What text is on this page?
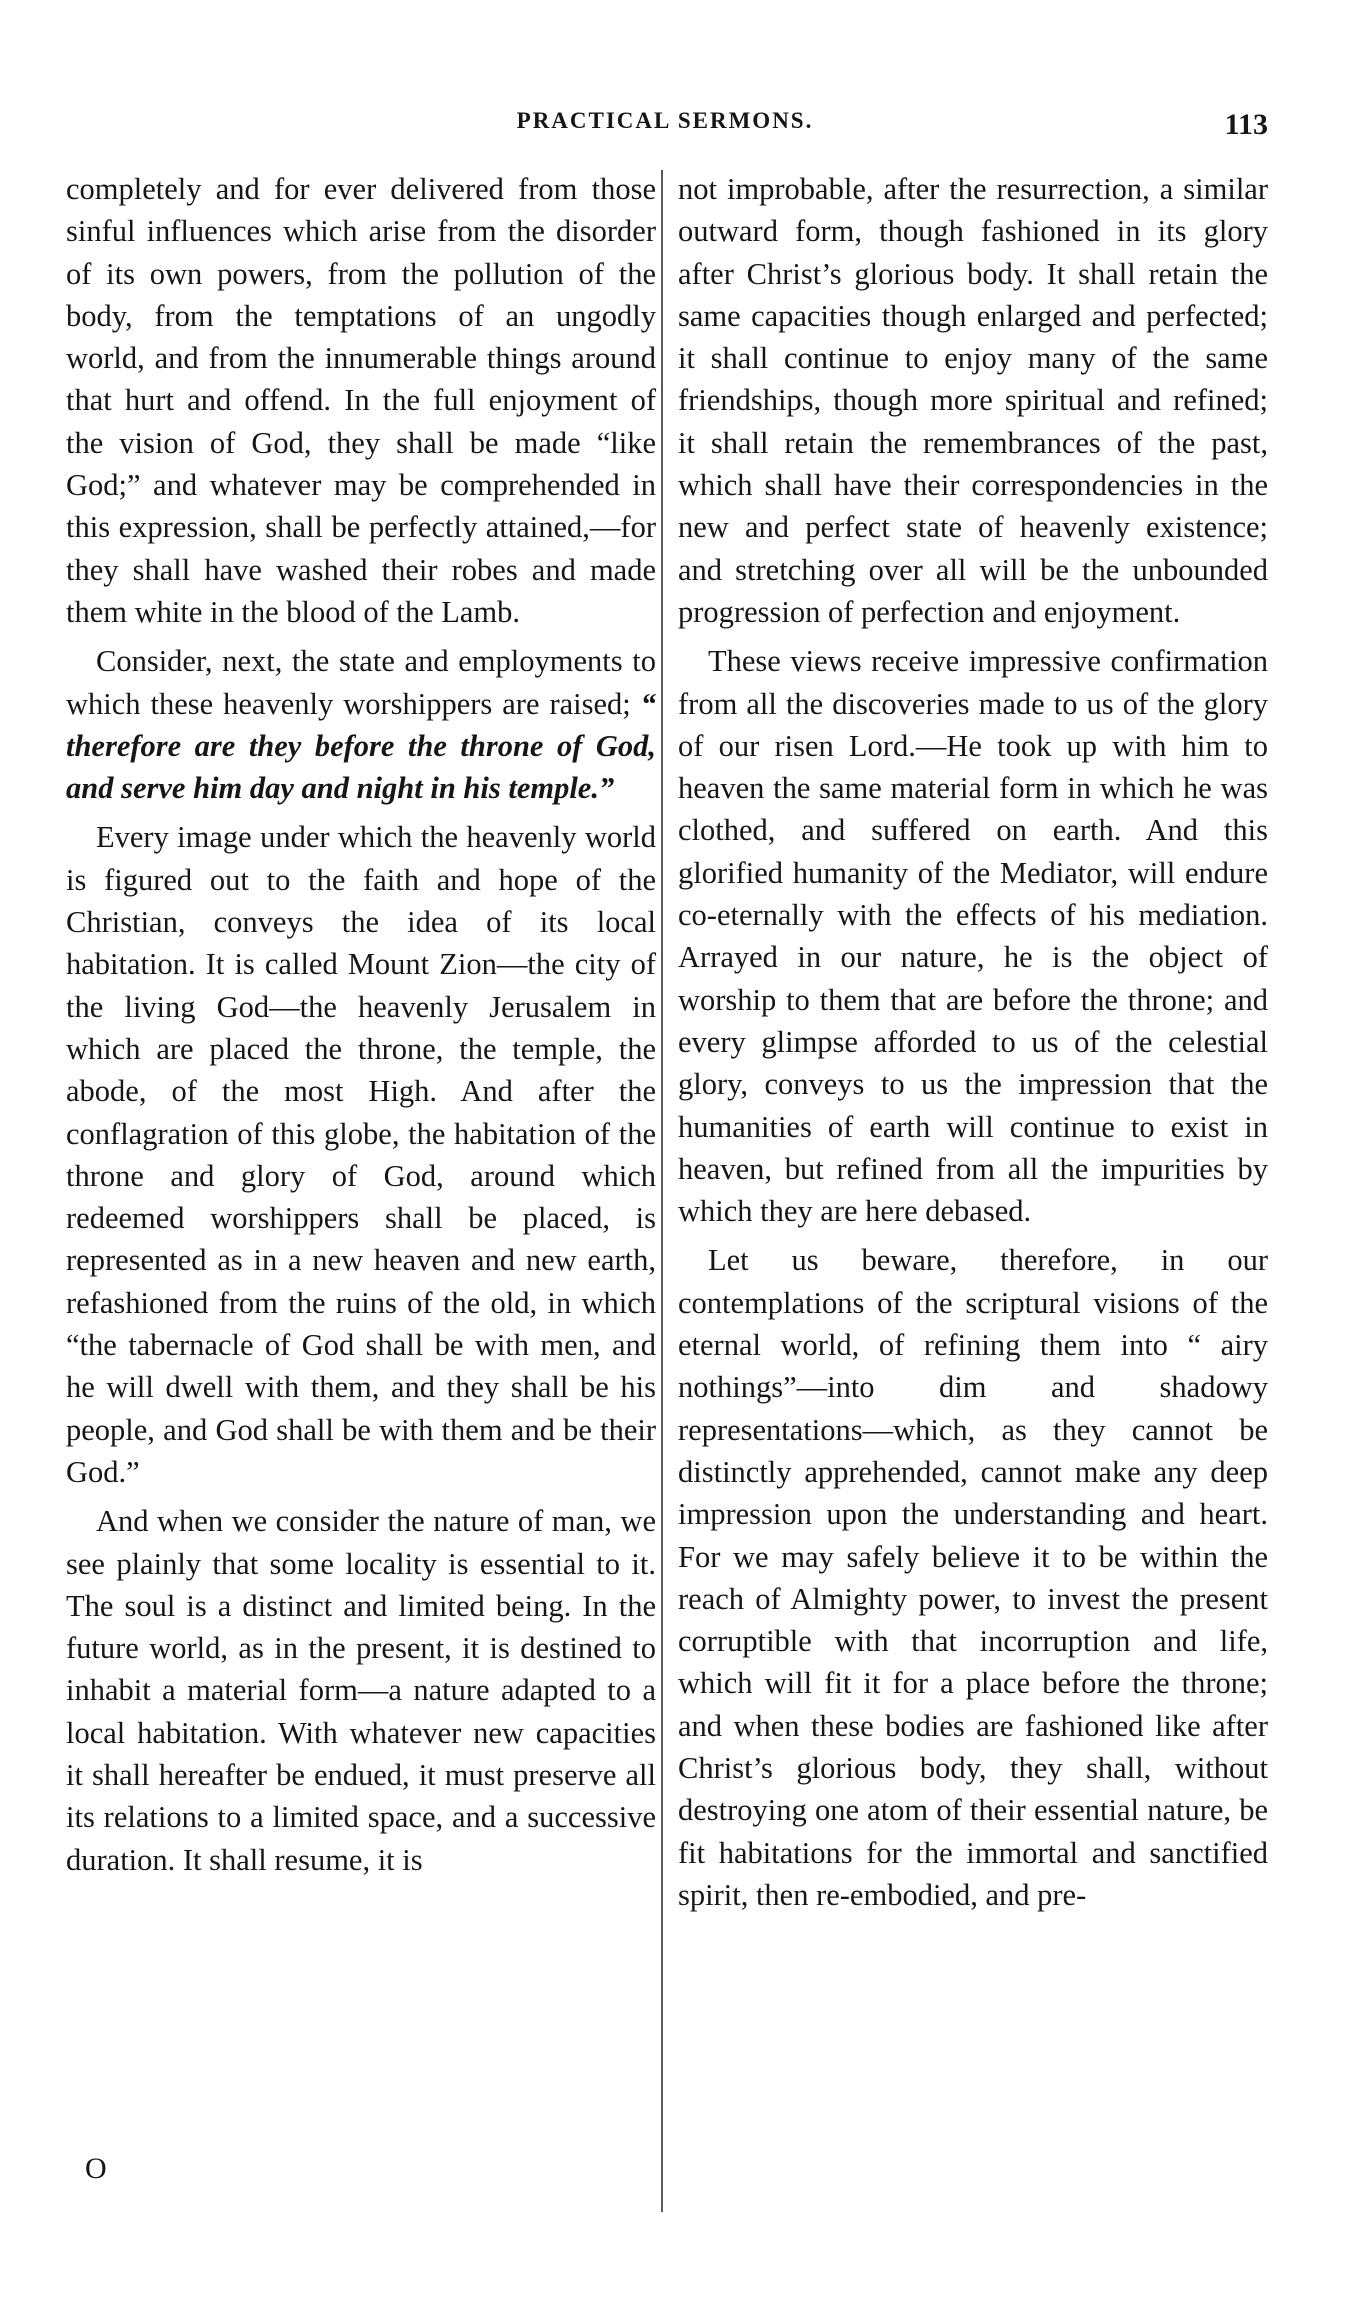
PRACTICAL SERMONS.	113

completely and for ever delivered from those sinful influences which arise from the disorder of its own powers, from the pollution of the body, from the temptations of an ungodly world, and from the innumerable things around that hurt and offend. In the full enjoyment of the vision of God, they shall be made “like God;” and whatever may be comprehended in this expression, shall be perfectly attained,—for they shall have washed their robes and made them white in the blood of the Lamb.

Consider, next, the state and employments to which these heavenly worshippers are raised; “ therefore are they before the throne of God, and serve him day and night in his temple.”

Every image under which the heavenly world is figured out to the faith and hope of the Christian, conveys the idea of its local habitation. It is called Mount Zion—the city of the living God—the heavenly Jerusalem in which are placed the throne, the temple, the abode, of the most High. And after the conflagration of this globe, the habitation of the throne and glory of God, around which redeemed worshippers shall be placed, is represented as in a new heaven and new earth, refashioned from the ruins of the old, in which “the tabernacle of God shall be with men, and he will dwell with them, and they shall be his people, and God shall be with them and be their God.”

And when we consider the nature of man, we see plainly that some locality is essential to it. The soul is a distinct and limited being. In the future world, as in the present, it is destined to inhabit a material form—a nature adapted to a local habitation. With whatever new capacities it shall hereafter be endued, it must preserve all its relations to a limited space, and a successive duration. It shall resume, it is

not improbable, after the resurrection, a similar outward form, though fashioned in its glory after Christ’s glorious body. It shall retain the same capacities though enlarged and perfected; it shall continue to enjoy many of the same friendships, though more spiritual and refined; it shall retain the remembrances of the past, which shall have their correspondencies in the new and perfect state of heavenly existence; and stretching over all will be the unbounded progression of perfection and enjoyment.

These views receive impressive confirmation from all the discoveries made to us of the glory of our risen Lord.—He took up with him to heaven the same material form in which he was clothed, and suffered on earth. And this glorified humanity of the Mediator, will endure co-eternally with the effects of his mediation. Arrayed in our nature, he is the object of worship to them that are before the throne; and every glimpse afforded to us of the celestial glory, conveys to us the impression that the humanities of earth will continue to exist in heaven, but refined from all the impurities by which they are here debased.

Let us beware, therefore, in our contemplations of the scriptural visions of the eternal world, of refining them into “ airy nothings”—into dim and shadowy representations—which, as they cannot be distinctly apprehended, cannot make any deep impression upon the understanding and heart. For we may safely believe it to be within the reach of Almighty power, to invest the present corruptible with that incorruption and life, which will fit it for a place before the throne; and when these bodies are fashioned like after Christ’s glorious body, they shall, without destroying one atom of their essential nature, be fit habitations for the immortal and sanctified spirit, then re-embodied, and pre-

O
